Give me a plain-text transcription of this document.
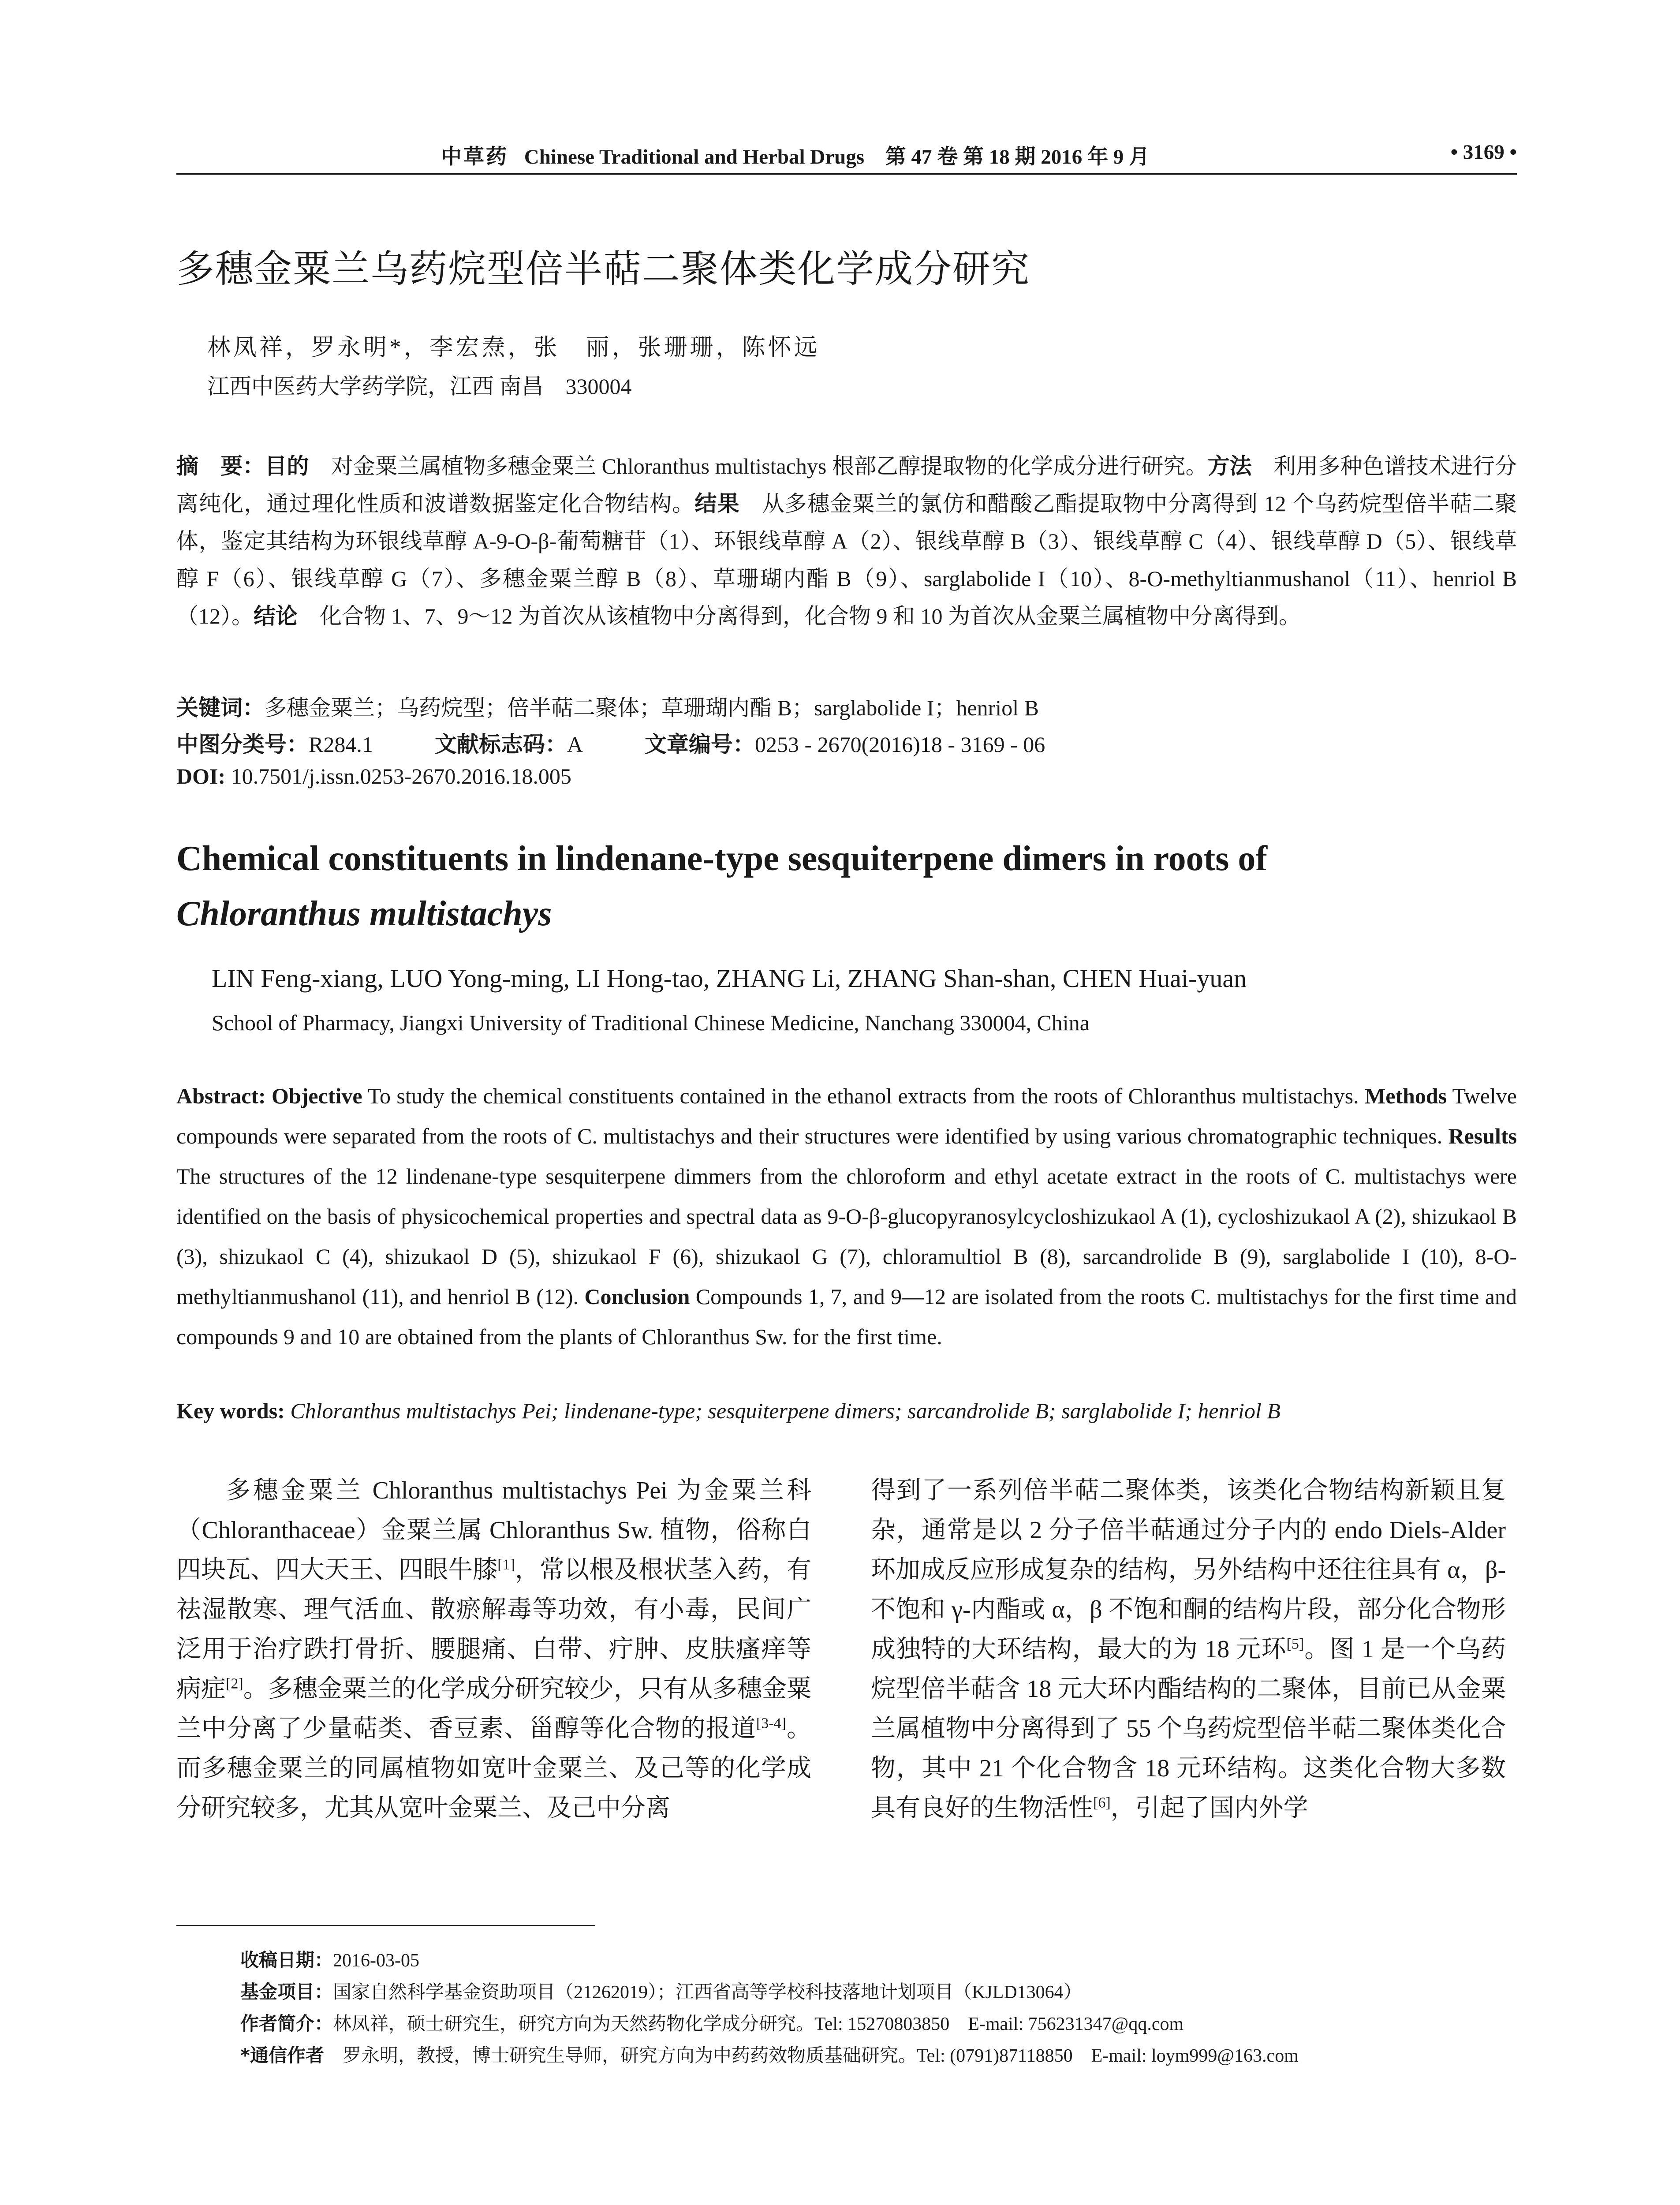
中草药 Chinese Traditional and Herbal Drugs 第 47 卷 第 18 期 2016 年 9 月	• 3169 •
多穗金粟兰乌药烷型倍半萜二聚体类化学成分研究
林凤祥，罗永明*，李宏焘，张　丽，张珊珊，陈怀远
江西中医药大学药学院，江西 南昌　330004
摘　要：目的　对金粟兰属植物多穗金粟兰 Chloranthus multistachys 根部乙醇提取物的化学成分进行研究。方法　利用多种色谱技术进行分离纯化，通过理化性质和波谱数据鉴定化合物结构。结果　从多穗金粟兰的氯仿和醋酸乙酯提取物中分离得到 12 个乌药烷型倍半萜二聚体，鉴定其结构为环银线草醇 A-9-O-β-葡萄糖苷（1）、环银线草醇 A（2）、银线草醇 B（3）、银线草醇 C（4）、银线草醇 D（5）、银线草醇 F（6）、银线草醇 G（7）、多穗金粟兰醇 B（8）、草珊瑚内酯 B（9）、sarglabolide I（10）、8-O-methyltianmushanol（11）、henriol B （12）。结论　化合物 1、7、9～12 为首次从该植物中分离得到，化合物 9 和 10 为首次从金粟兰属植物中分离得到。
关键词：多穗金粟兰；乌药烷型；倍半萜二聚体；草珊瑚内酯 B；sarglabolide I；henriol B
中图分类号：R284.1	文献标志码：A	文章编号：0253 - 2670(2016)18 - 3169 - 06
DOI: 10.7501/j.issn.0253-2670.2016.18.005
Chemical constituents in lindenane-type sesquiterpene dimers in roots of
Chloranthus multistachys
LIN Feng-xiang, LUO Yong-ming, LI Hong-tao, ZHANG Li, ZHANG Shan-shan, CHEN Huai-yuan
School of Pharmacy, Jiangxi University of Traditional Chinese Medicine, Nanchang 330004, China
Abstract: Objective To study the chemical constituents contained in the ethanol extracts from the roots of Chloranthus multistachys. Methods Twelve compounds were separated from the roots of C. multistachys and their structures were identified by using various chromatographic techniques. Results The structures of the 12 lindenane-type sesquiterpene dimmers from the chloroform and ethyl acetate extract in the roots of C. multistachys were identified on the basis of physicochemical properties and spectral data as 9-O-β-glucopyranosylcycloshizukaol A (1), cycloshizukaol A (2), shizukaol B (3), shizukaol C (4), shizukaol D (5), shizukaol F (6), shizukaol G (7), chloramultiol B (8), sarcandrolide B (9), sarglabolide I (10), 8-O-methyltianmushanol (11), and henriol B (12). Conclusion Compounds 1, 7, and 9—12 are isolated from the roots C. multistachys for the first time and compounds 9 and 10 are obtained from the plants of Chloranthus Sw. for the first time.
Key words: Chloranthus multistachys Pei; lindenane-type; sesquiterpene dimers; sarcandrolide B; sarglabolide I; henriol B
多穗金粟兰 Chloranthus multistachys Pei 为金粟兰科（Chloranthaceae）金粟兰属 Chloranthus Sw. 植物，俗称白四块瓦、四大天王、四眼牛膝[1]，常以根及根状茎入药，有祛湿散寒、理气活血、散瘀解毒等功效，有小毒，民间广泛用于治疗跌打骨折、腰腿痛、白带、疔肿、皮肤瘙痒等病症[2]。多穗金粟兰的化学成分研究较少，只有从多穗金粟兰中分离了少量萜类、香豆素、甾醇等化合物的报道[3-4]。而多穗金粟兰的同属植物如宽叶金粟兰、及己等的化学成分研究较多，尤其从宽叶金粟兰、及己中分离
得到了一系列倍半萜二聚体类，该类化合物结构新颖且复杂，通常是以 2 分子倍半萜通过分子内的 endo Diels-Alder 环加成反应形成复杂的结构，另外结构中还往往具有 α，β-不饱和 γ-内酯或 α，β 不饱和酮的结构片段，部分化合物形成独特的大环结构，最大的为 18 元环[5]。图 1 是一个乌药烷型倍半萜含 18 元大环内酯结构的二聚体，目前已从金粟兰属植物中分离得到了 55 个乌药烷型倍半萜二聚体类化合物，其中 21 个化合物含 18 元环结构。这类化合物大多数具有良好的生物活性[6]，引起了国内外学
收稿日期：2016-03-05
基金项目：国家自然科学基金资助项目（21262019）；江西省高等学校科技落地计划项目（KJLD13064）
作者简介：林凤祥，硕士研究生，研究方向为天然药物化学成分研究。Tel: 15270803850　E-mail: 756231347@qq.com
*通信作者　罗永明，教授，博士研究生导师，研究方向为中药药效物质基础研究。Tel: (0791)87118850　E-mail: loym999@163.com
